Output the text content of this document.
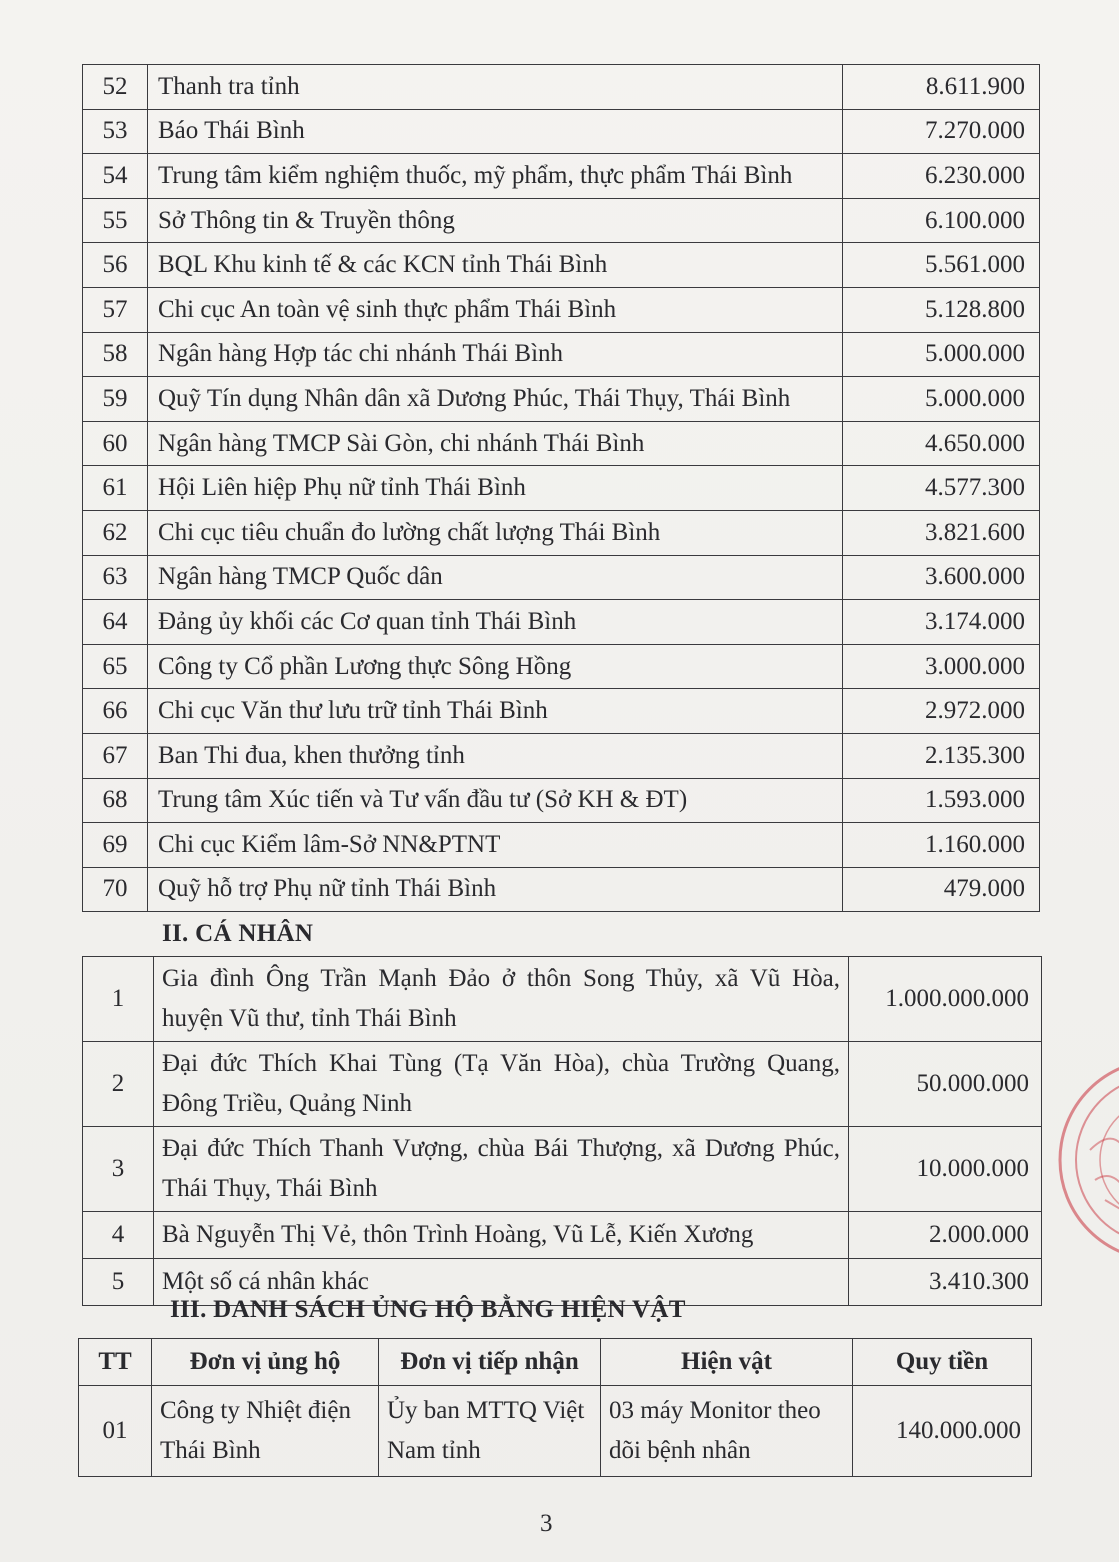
52	Thanh tra tỉnh	8.611.900
53	Báo Thái Bình	7.270.000
54	Trung tâm kiểm nghiệm thuốc, mỹ phẩm, thực phẩm Thái Bình	6.230.000
55	Sở Thông tin & Truyền thông	6.100.000
56	BQL Khu kinh tế & các KCN tỉnh Thái Bình	5.561.000
57	Chi cục An toàn vệ sinh thực phẩm Thái Bình	5.128.800
58	Ngân hàng Hợp tác chi nhánh Thái Bình	5.000.000
59	Quỹ Tín dụng Nhân dân xã Dương Phúc, Thái Thụy, Thái Bình	5.000.000
60	Ngân hàng TMCP Sài Gòn, chi nhánh Thái Bình	4.650.000
61	Hội Liên hiệp Phụ nữ tỉnh Thái Bình	4.577.300
62	Chi cục tiêu chuẩn đo lường chất lượng Thái Bình	3.821.600
63	Ngân hàng TMCP Quốc dân	3.600.000
64	Đảng ủy khối các Cơ quan tỉnh Thái Bình	3.174.000
65	Công ty Cổ phần Lương thực Sông Hồng	3.000.000
66	Chi cục Văn thư lưu trữ tỉnh Thái Bình	2.972.000
67	Ban Thi đua, khen thưởng tỉnh	2.135.300
68	Trung tâm Xúc tiến và Tư vấn đầu tư (Sở KH & ĐT)	1.593.000
69	Chi cục Kiểm lâm-Sở NN&PTNT	1.160.000
70	Quỹ hỗ trợ Phụ nữ tỉnh Thái Bình	479.000
II. CÁ NHÂN
1	Gia đình Ông Trần Mạnh Đảo ở thôn Song Thủy, xã Vũ Hòa, huyện Vũ thư, tỉnh Thái Bình	1.000.000.000
2	Đại đức Thích Khai Tùng (Tạ Văn Hòa), chùa Trường Quang, Đông Triều, Quảng Ninh	50.000.000
3	Đại đức Thích Thanh Vượng, chùa Bái Thượng, xã Dương Phúc, Thái Thụy, Thái Bình	10.000.000
4	Bà Nguyễn Thị Vẻ, thôn Trình Hoàng, Vũ Lễ, Kiến Xương	2.000.000
5	Một số cá nhân khác	3.410.300
III. DANH SÁCH ỦNG HỘ BẰNG HIỆN VẬT
TT	Đơn vị ủng hộ	Đơn vị tiếp nhận	Hiện vật	Quy tiền
01	Công ty Nhiệt điện Thái Bình	Ủy ban MTTQ Việt Nam tỉnh	03 máy Monitor theo dõi bệnh nhân	140.000.000
3
